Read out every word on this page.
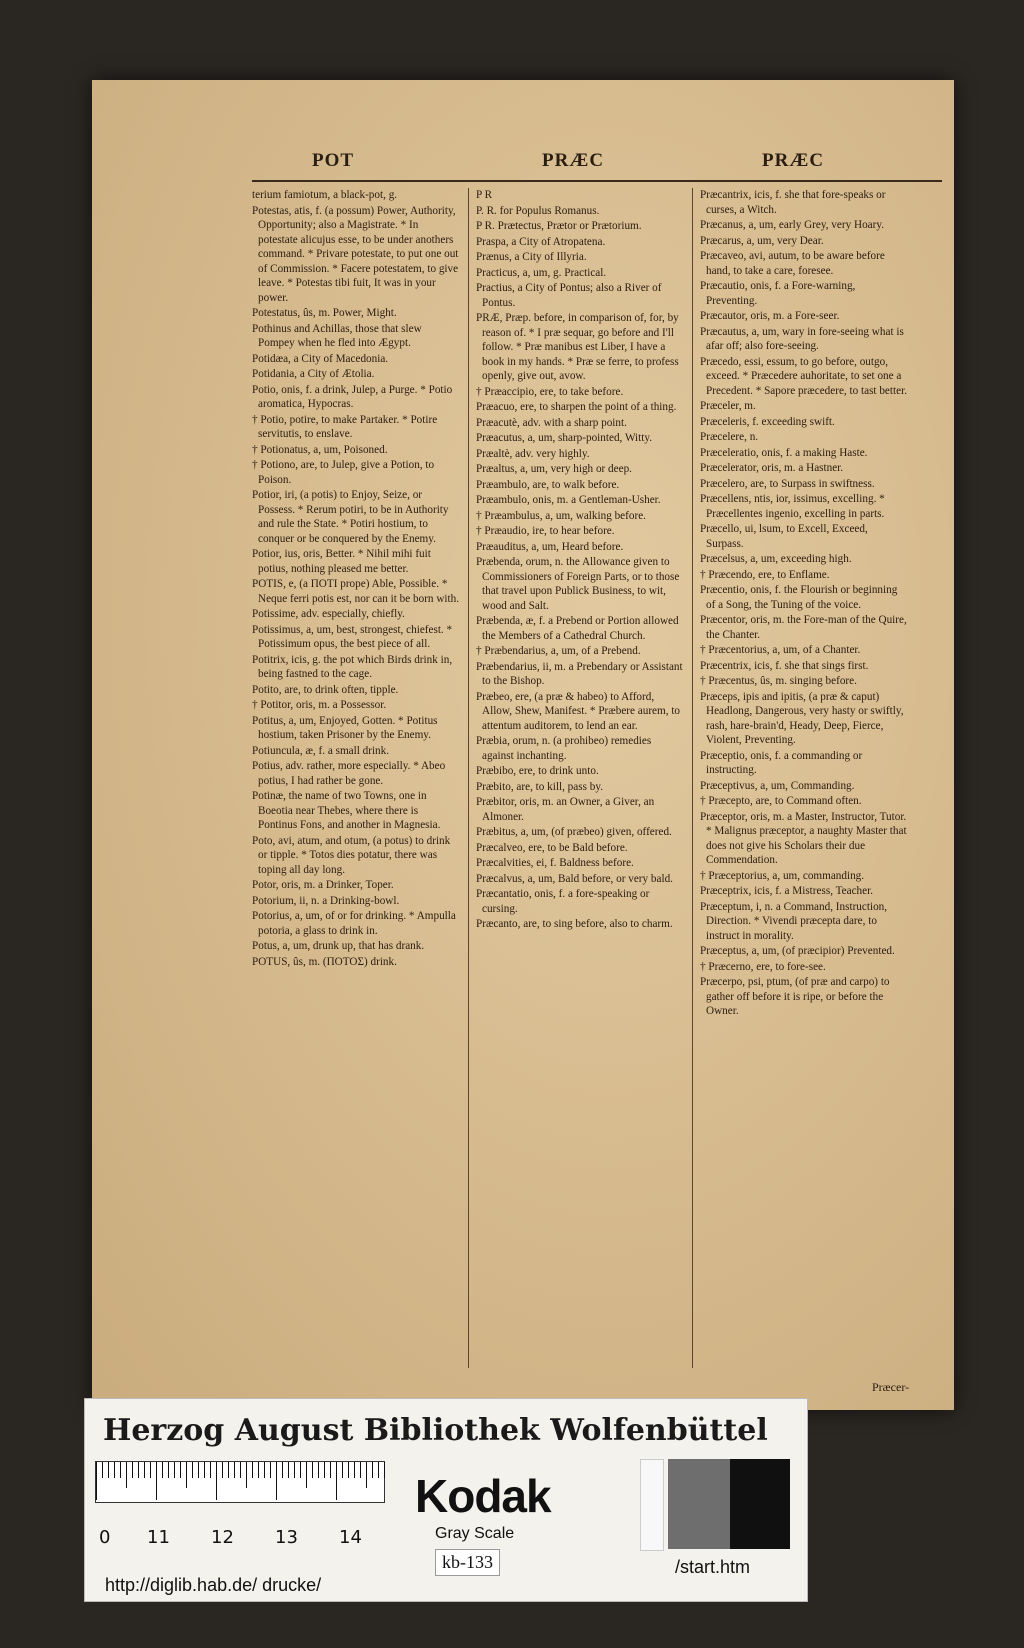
POT	PRÆC	PRÆC

terium famiotum, a black-pot, g.

Potestas, atis, f. (a possum) Power, Authority, Opportunity; also a Magistrate. * In potestate alicujus esse, to be under anothers command. * Privare potestate, to put one out of Commission. * Facere potestatem, to give leave. * Potestas tibi fuit, It was in your power.

Potestatus, ûs, m. Power, Might.

Pothinus and Achillas, those that slew Pompey when he fled into Ægypt.

Potidæa, a City of Macedonia.

Potidania, a City of Ætolia.

Potio, onis, f. a drink, Julep, a Purge. * Potio aromatica, Hypocras.

† Potio, potire, to make Partaker. * Potire servitutis, to enslave.

† Potionatus, a, um, Poisoned.

† Potiono, are, to Julep, give a Potion, to Poison.

Potior, iri, (a potis) to Enjoy, Seize, or Possess. * Rerum potiri, to be in Authority and rule the State. * Potiri hostium, to conquer or be conquered by the Enemy.

Potior, ius, oris, Better. * Nihil mihi fuit potius, nothing pleased me better.

POTIS, e, (a ΠΟΤΙ prope) Able, Possible. * Neque ferri potis est, nor can it be born with.

Potissime, adv. especially, chiefly.

Potissimus, a, um, best, strongest, chiefest. * Potissimum opus, the best piece of all.

Potitrix, icis, g. the pot which Birds drink in, being fastned to the cage.

Potito, are, to drink often, tipple.

† Potitor, oris, m. a Possessor.

Potitus, a, um, Enjoyed, Gotten. * Potitus hostium, taken Prisoner by the Enemy.

Potiuncula, æ, f. a small drink.

Potius, adv. rather, more especially. * Abeo potius, I had rather be gone.

Potinæ, the name of two Towns, one in Boeotia near Thebes, where there is Pontinus Fons, and another in Magnesia.

Poto, avi, atum, and otum, (a potus) to drink or tipple. * Totos dies potatur, there was toping all day long.

Potor, oris, m. a Drinker, Toper.

Potorium, ii, n. a Drinking-bowl.

Potorius, a, um, of or for drinking. * Ampulla potoria, a glass to drink in.

Potus, a, um, drunk up, that has drank.

POTUS, ûs, m. (ΠΟΤΟΣ) drink.

P R

P. R. for Populus Romanus.

P R. Prætectus, Prætor or Prætorium.

Praspa, a City of Atropatena.

Prænus, a City of Illyria.

Practicus, a, um, g. Practical.

Practius, a City of Pontus; also a River of Pontus.

PRÆ, Præp. before, in comparison of, for, by reason of. * I præ sequar, go before and I'll follow. * Præ manibus est Liber, I have a book in my hands. * Præ se ferre, to profess openly, give out, avow.

† Præaccipio, ere, to take before.

Præacuo, ere, to sharpen the point of a thing.

Præacutè, adv. with a sharp point.

Præacutus, a, um, sharp-pointed, Witty.

Præaltè, adv. very highly.

Præaltus, a, um, very high or deep.

Præambulo, are, to walk before.

Præambulo, onis, m. a Gentleman-Usher.

† Præambulus, a, um, walking before.

† Præaudio, ire, to hear before.

Præauditus, a, um, Heard before.

Præbenda, orum, n. the Allowance given to Commissioners of Foreign Parts, or to those that travel upon Publick Business, to wit, wood and Salt.

Præbenda, æ, f. a Prebend or Portion allowed the Members of a Cathedral Church.

† Præbendarius, a, um, of a Prebend.

Præbendarius, ii, m. a Prebendary or Assistant to the Bishop.

Præbeo, ere, (a præ & habeo) to Afford, Allow, Shew, Manifest. * Præbere aurem, to attentum auditorem, to lend an ear.

Præbia, orum, n. (a prohibeo) remedies against inchanting.

Præbibo, ere, to drink unto.

Præbito, are, to kill, pass by.

Præbitor, oris, m. an Owner, a Giver, an Almoner.

Præbitus, a, um, (of præbeo) given, offered.

Præcalveo, ere, to be Bald before.

Præcalvities, ei, f. Baldness before.

Præcalvus, a, um, Bald before, or very bald.

Præcantatio, onis, f. a fore-speaking or cursing.

Præcanto, are, to sing before, also to charm.

Præcantrix, icis, f. she that fore-speaks or curses, a Witch.

Præcanus, a, um, early Grey, very Hoary.

Præcarus, a, um, very Dear.

Præcaveo, avi, autum, to be aware before hand, to take a care, foresee.

Præcautio, onis, f. a Fore-warning, Preventing.

Præcautor, oris, m. a Fore-seer.

Præcautus, a, um, wary in fore-seeing what is afar off; also fore-seeing.

Præcedo, essi, essum, to go before, outgo, exceed. * Præcedere auhoritate, to set one a Precedent. * Sapore præcedere, to tast better.

Præceler, m.

Præceleris, f. exceeding swift.

Præcelere, n.

Præceleratio, onis, f. a making Haste.

Præcelerator, oris, m. a Hastner.

Præcelero, are, to Surpass in swiftness.

Præcellens, ntis, ior, issimus, excelling. * Præcellentes ingenio, excelling in parts.

Præcello, ui, lsum, to Excell, Exceed, Surpass.

Præcelsus, a, um, exceeding high.

† Præcendo, ere, to Enflame.

Præcentio, onis, f. the Flourish or beginning of a Song, the Tuning of the voice.

Præcentor, oris, m. the Fore-man of the Quire, the Chanter.

† Præcentorius, a, um, of a Chanter.

Præcentrix, icis, f. she that sings first.

† Præcentus, ûs, m. singing before.

Præceps, ipis and ipitis, (a præ & caput) Headlong, Dangerous, very hasty or swiftly, rash, hare-brain'd, Heady, Deep, Fierce, Violent, Preventing.

Præceptio, onis, f. a commanding or instructing.

Præceptivus, a, um, Commanding.

† Præcepto, are, to Command often.

Præceptor, oris, m. a Master, Instructor, Tutor. * Malignus præceptor, a naughty Master that does not give his Scholars their due Commendation.

† Præceptorius, a, um, commanding.

Præceptrix, icis, f. a Mistress, Teacher.

Præceptum, i, n. a Command, Instruction, Direction. * Vivendi præcepta dare, to instruct in morality.

Præceptus, a, um, (of præcipior) Prevented.

† Præcerno, ere, to fore-see.

Præcerpo, psi, ptum, (of præ and carpo) to gather off before it is ripe, or before the Owner.

Præcer-
Herzog August Bibliothek Wolfenbüttel
0 11 12 13 14
Kodak
Gray Scale
kb-133
http://diglib.hab.de/ drucke/
/start.htm
